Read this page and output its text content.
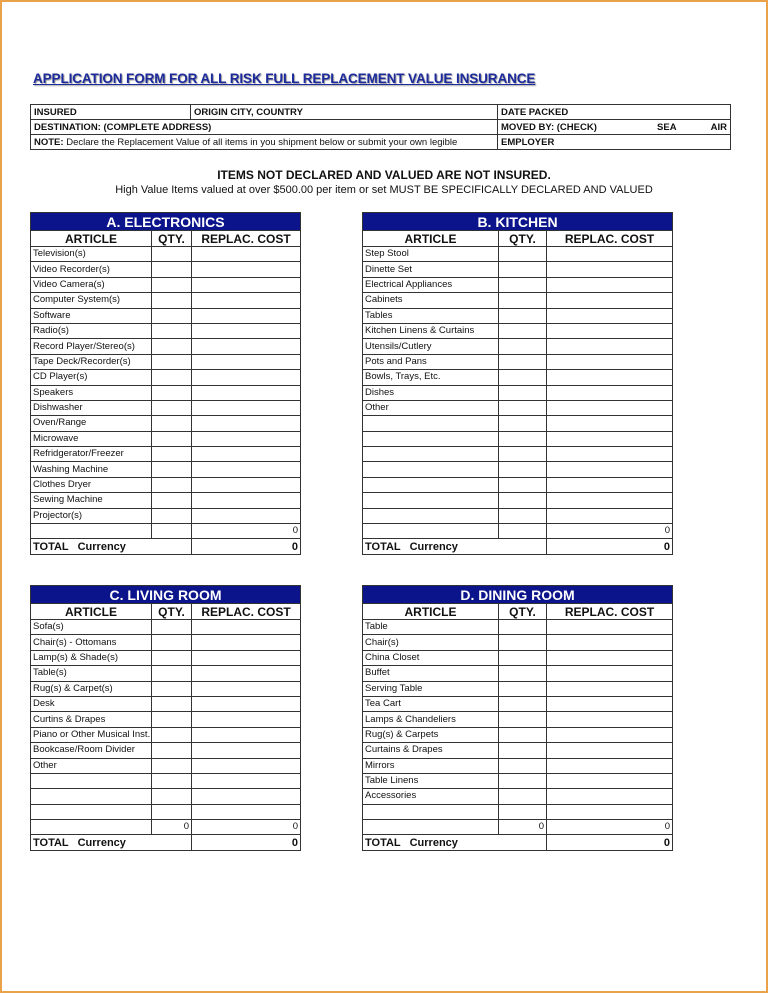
APPLICATION FORM FOR ALL RISK FULL REPLACEMENT VALUE INSURANCE
INSURED	ORIGIN CITY, COUNTRY	DATE PACKED		
DESTINATION: (COMPLETE ADDRESS)		MOVED BY: (CHECK)	SEA	AIR
NOTE: Declare the Replacement Value of all items in you shipment below or submit your own legible		EMPLOYER		
ITEMS NOT DECLARED AND VALUED ARE NOT INSURED.
High Value Items valued at over $500.00 per item or set MUST BE SPECIFICALLY DECLARED AND VALUED
A. ELECTRONICS		
ARTICLE	QTY.	REPLAC. COST
Television(s)		
Video Recorder(s)		
Video Camera(s)		
Computer System(s)		
Software		
Radio(s)		
Record Player/Stereo(s)		
Tape Deck/Recorder(s)		
CD Player(s)		
Speakers		
Dishwasher		
Oven/Range		
Microwave		
Refridgerator/Freezer		
Washing Machine		
Clothes Dryer		
Sewing Machine		
Projector(s)		
		0
TOTAL   Currency		0
B. KITCHEN		
ARTICLE	QTY.	REPLAC. COST
Step Stool		
Dinette Set		
Electrical Appliances		
Cabinets		
Tables		
Kitchen Linens & Curtains		
Utensils/Cutlery		
Pots and Pans		
Bowls, Trays, Etc.		
Dishes		
Other		

		0
TOTAL   Currency		0
C. LIVING ROOM		
ARTICLE	QTY.	REPLAC. COST
Sofa(s)		
Chair(s) - Ottomans		
Lamp(s) & Shade(s)		
Table(s)		
Rug(s) & Carpet(s)		
Desk		
Curtins & Drapes		
Piano or Other Musical Inst.		
Bookcase/Room Divider		
Other		

	0	0
TOTAL   Currency		0
D. DINING ROOM		
ARTICLE	QTY.	REPLAC. COST
Table		
Chair(s)		
China Closet		
Buffet		
Serving Table		
Tea Cart		
Lamps & Chandeliers		
Rug(s) & Carpets		
Curtains & Drapes		
Mirrors		
Table Linens		
Accessories		

	0	0
TOTAL   Currency		0
